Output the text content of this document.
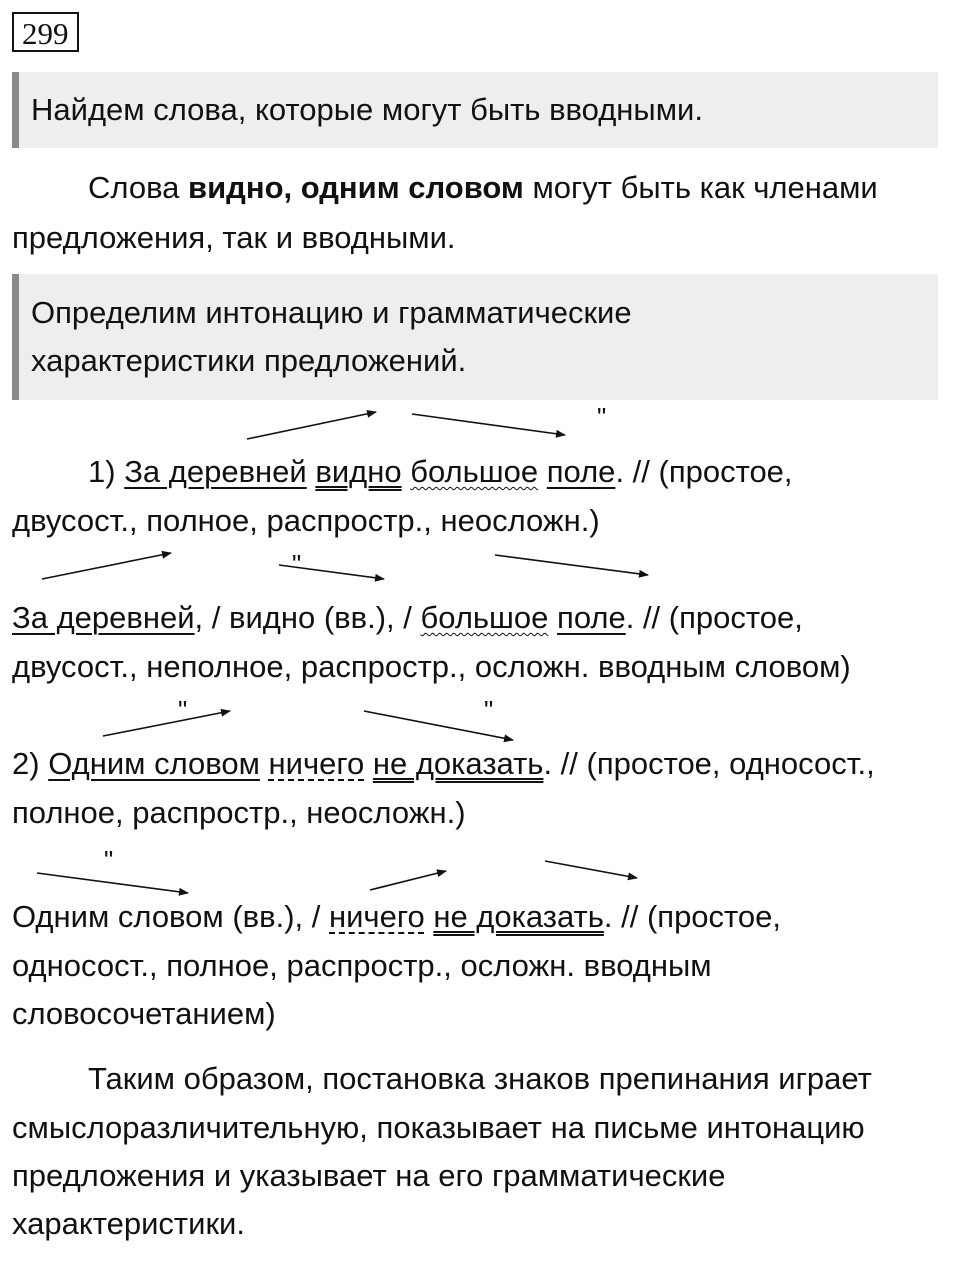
299
Найдем слова, которые могут быть вводными.
Слова видно, одним словом могут быть как членами
предложения, так и вводными.
Определим интонацию и грамматические
характеристики предложений.
1) За деревней видно большое поле. // (простое,
двусост., полное, распростр., неосложн.)
За деревней, / видно (вв.), / большое поле. // (простое,
двусост., неполное, распростр., осложн. вводным словом)
2) Одним словом ничего не доказать. // (простое, односост.,
полное, распростр., неосложн.)
Одним словом (вв.), / ничего не доказать. // (простое,
односост., полное, распростр., осложн. вводным
словосочетанием)
Таким образом, постановка знаков препинания играет
смыслоразличительную, показывает на письме интонацию
предложения и указывает на его грамматические
характеристики.
"
"
"	"
"
